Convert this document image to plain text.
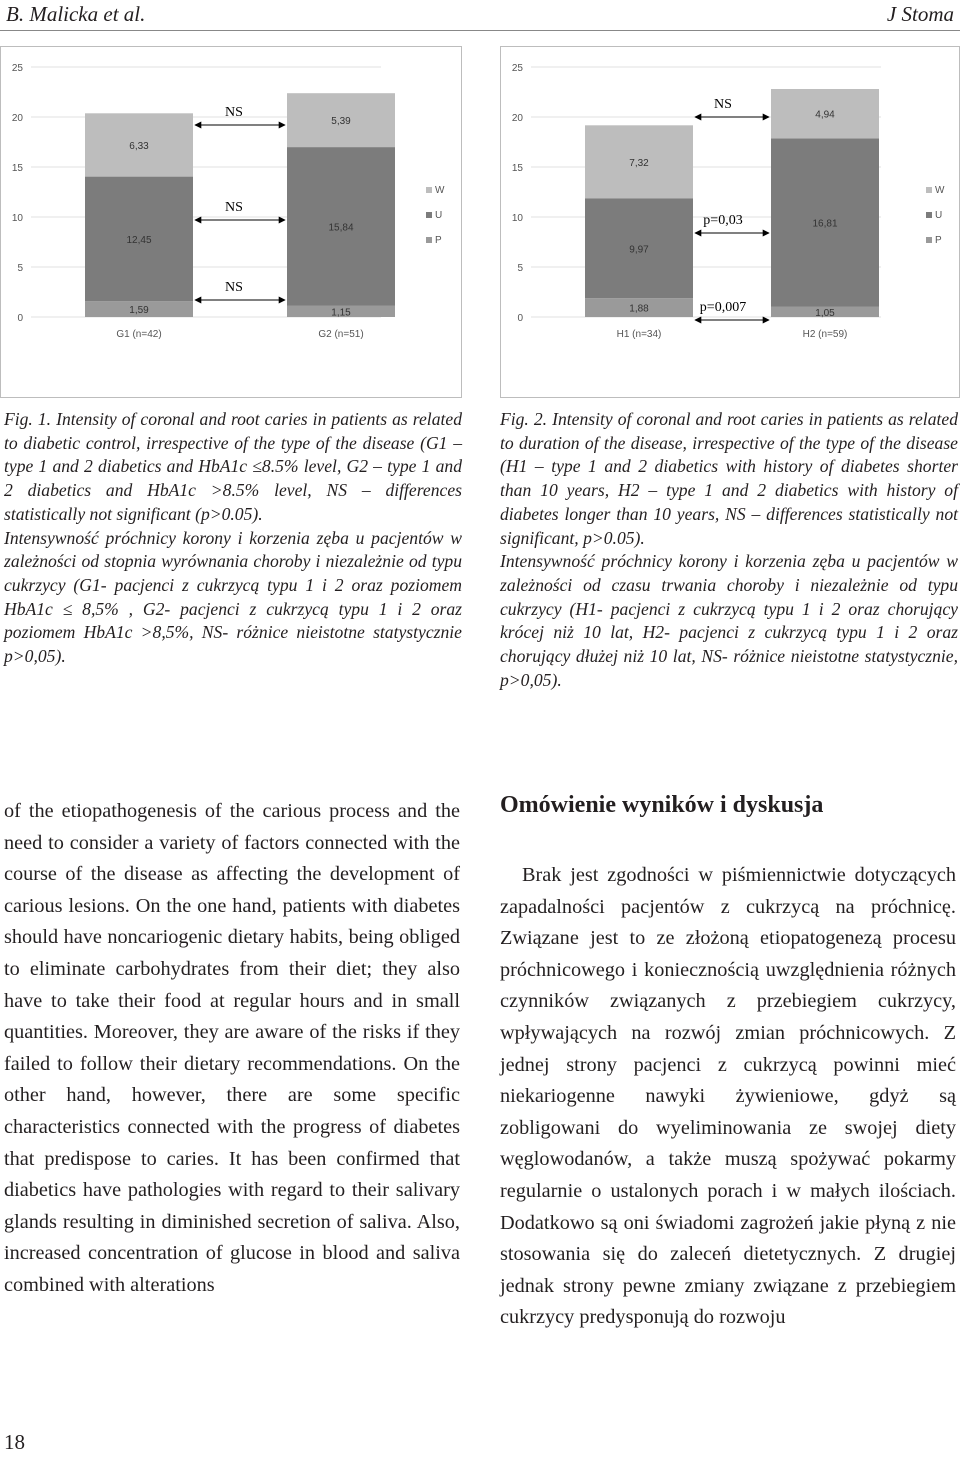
B. Malicka et al.	J Stoma
0
5
10
15
20
25
1,59
12,45
6,33
G1 (n=42)
1,15
15,84
5,39
G2 (n=51)
W
U
P
NS
NS
NS
0
5
10
15
20
25
1,88
9,97
7,32
H1 (n=34)
1,05
16,81
4,94
H2 (n=59)
W
U
P
NS
p=0,03
p=0,007

Fig. 1. Intensity of coronal and root caries in patients as related to diabetic control, irrespective of the type of the disease (G1 – type 1 and 2 diabetics and HbA1c ≤8.5% level, G2 – type 1 and 2 diabetics and HbA1c >8.5% level, NS – differences statistically not significant (p>0.05).

Intensywność próchnicy korony i korzenia zęba u pacjentów w zależności od stopnia wyrównania choroby i niezależnie od typu cukrzycy (G1- pacjenci z cukrzycą typu 1 i 2 oraz poziomem HbA1c ≤ 8,5% , G2- pacjenci z cukrzycą typu 1 i 2 oraz poziomem HbA1c >8,5%, NS- różnice nieistotne statystycznie p>0,05).

Fig. 2. Intensity of coronal and root caries in patients as related to duration of the disease, irrespective of the type of the disease (H1 – type 1 and 2 diabetics with history of diabetes shorter than 10 years, H2 – type 1 and 2 diabetics with history of diabetes longer than 10 years, NS – differences statistically not significant, p>0.05).

Intensywność próchnicy korony i korzenia zęba u pacjentów w zależności od czasu trwania choroby i niezależnie od typu cukrzycy (H1- pacjenci z cukrzycą typu 1 i 2 oraz chorujący krócej niż 10 lat, H2- pacjenci z cukrzycą typu 1 i 2 oraz chorujący dłużej niż 10 lat, NS- różnice nieistotne statystycznie, p>0,05).

of the etiopathogenesis of the carious process and the need to consider a variety of factors connected with the course of the disease as affecting the development of carious lesions. On the one hand, patients with diabetes should have noncariogenic dietary habits, being obliged to eliminate carbohydrates from their diet; they also have to take their food at regular hours and in small quantities. Moreover, they are aware of the risks if they failed to follow their dietary recommendations. On the other hand, however, there are some specific characteristics connected with the progress of diabetes that predispose to caries. It has been confirmed that diabetics have pathologies with regard to their salivary glands resulting in diminished secretion of saliva. Also, increased concentration of glucose in blood and saliva combined with alterations

Omówienie wyników i dyskusja

Brak jest zgodności w piśmiennictwie dotyczących zapadalności pacjentów z cukrzycą na próchnicę. Związane jest to ze złożoną etiopatogenezą procesu próchnicowego i koniecznością uwzględnienia różnych czynników związanych z przebiegiem cukrzycy, wpływających na rozwój zmian próchnicowych. Z jednej strony pacjenci z cukrzycą powinni mieć niekariogenne nawyki żywieniowe, gdyż są zobligowani do wyeliminowania ze swojej diety węglowodanów, a także muszą spożywać pokarmy regularnie o ustalonych porach i w małych ilościach. Dodatkowo są oni świadomi zagrożeń jakie płyną z nie stosowania się do zaleceń dietetycznych. Z drugiej jednak strony pewne zmiany związane z przebiegiem cukrzycy predysponują do rozwoju

18
